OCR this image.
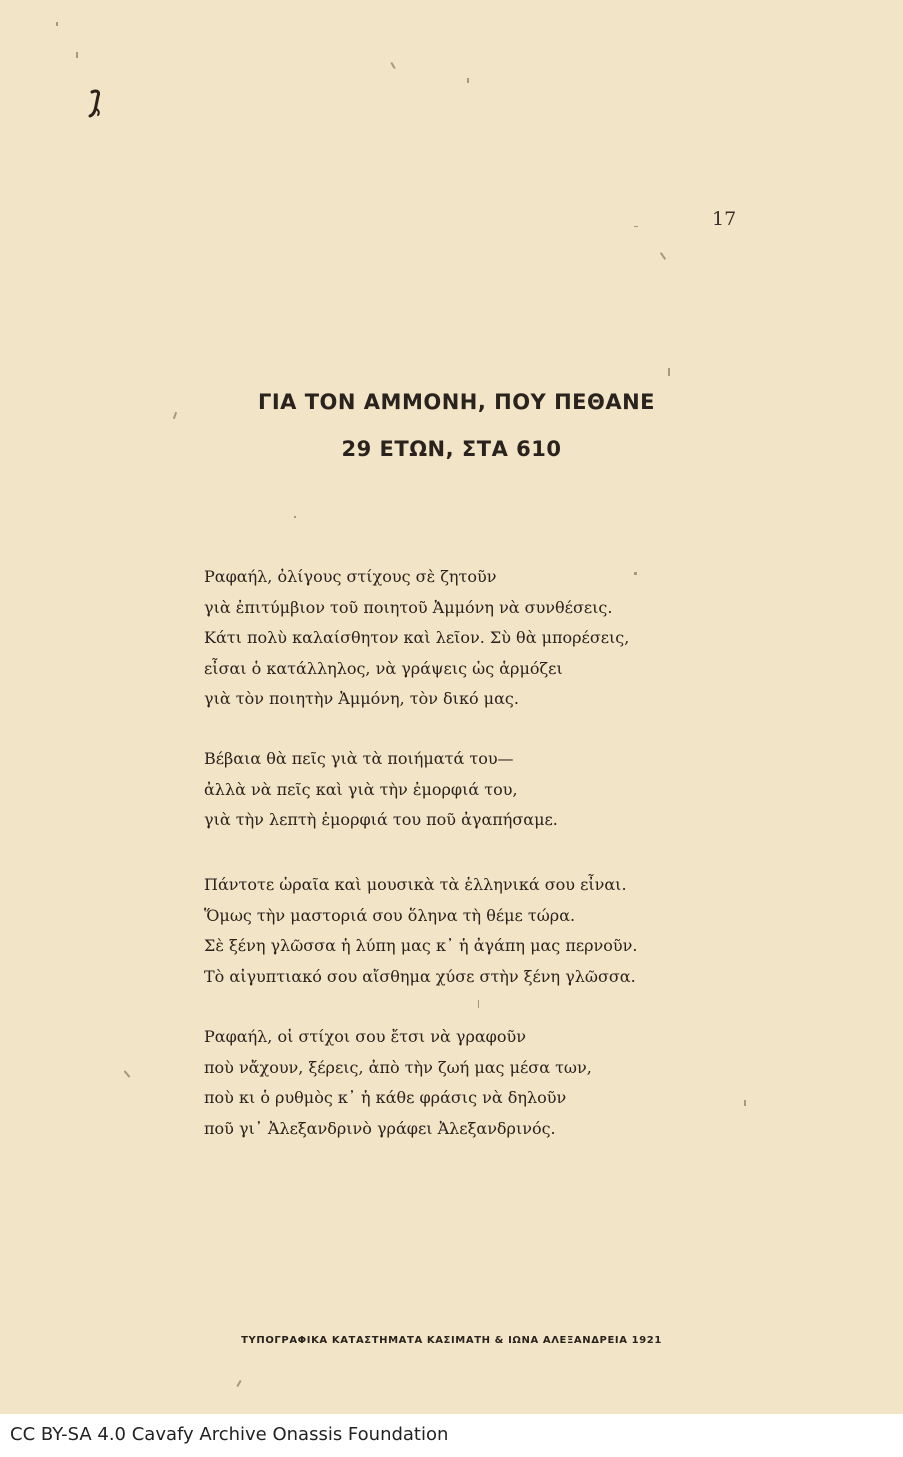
17
ΓΙΑ ΤΟΝ ΑΜΜΟΝΗ, ΠΟΥ ΠΕΘΑΝΕ
29 ΕΤΩΝ, ΣΤΑ 610
Ραφαήλ, ὀλίγους στίχους σὲ ζητοῦν
γιὰ ἐπιτύμβιον τοῦ ποιητοῦ Ἀμμόνη νὰ συνθέσεις.
Κάτι πολὺ καλαίσθητον καὶ λεῖον. Σὺ θὰ μπορέσεις,
εἶσαι ὁ κατάλληλος, νὰ γράψεις ὡς ἁρμόζει
γιὰ τὸν ποιητὴν Ἀμμόνη, τὸν δικό μας.
Βέβαια θὰ πεῖς γιὰ τὰ ποιήματά του—
ἀλλὰ νὰ πεῖς καὶ γιὰ τὴν ἐμορφιά του,
γιὰ τὴν λεπτὴ ἐμορφιά του ποῦ ἀγαπήσαμε.
Πάντοτε ὡραῖα καὶ μουσικὰ τὰ ἑλληνικά σου εἶναι.
Ὅμως τὴν μαστοριά σου ὅληνα τὴ θέμε τώρα.
Σὲ ξένη γλῶσσα ἡ λύπη μας κ᾿ ἡ ἀγάπη μας περνοῦν.
Τὸ αἰγυπτιακό σου αἴσθημα χύσε στὴν ξένη γλῶσσα.
Ραφαήλ, οἱ στίχοι σου ἔτσι νὰ γραφοῦν
ποὺ νἄχουν, ξέρεις, ἀπὸ τὴν ζωή μας μέσα των,
ποὺ κι ὁ ρυθμὸς κ᾿ ἡ κάθε φράσις νὰ δηλοῦν
ποῦ γι᾿ Ἀλεξανδρινὸ γράφει Ἀλεξανδρινός.
ΤΥΠΟΓΡΑΦΙΚΑ ΚΑΤΑΣΤΗΜΑΤΑ ΚΑΣΙΜΑΤΗ & ΙΩΝΑ ΑΛΕΞΑΝΔΡΕΙΑ 1921
CC BY-SA 4.0 Cavafy Archive Onassis Foundation
